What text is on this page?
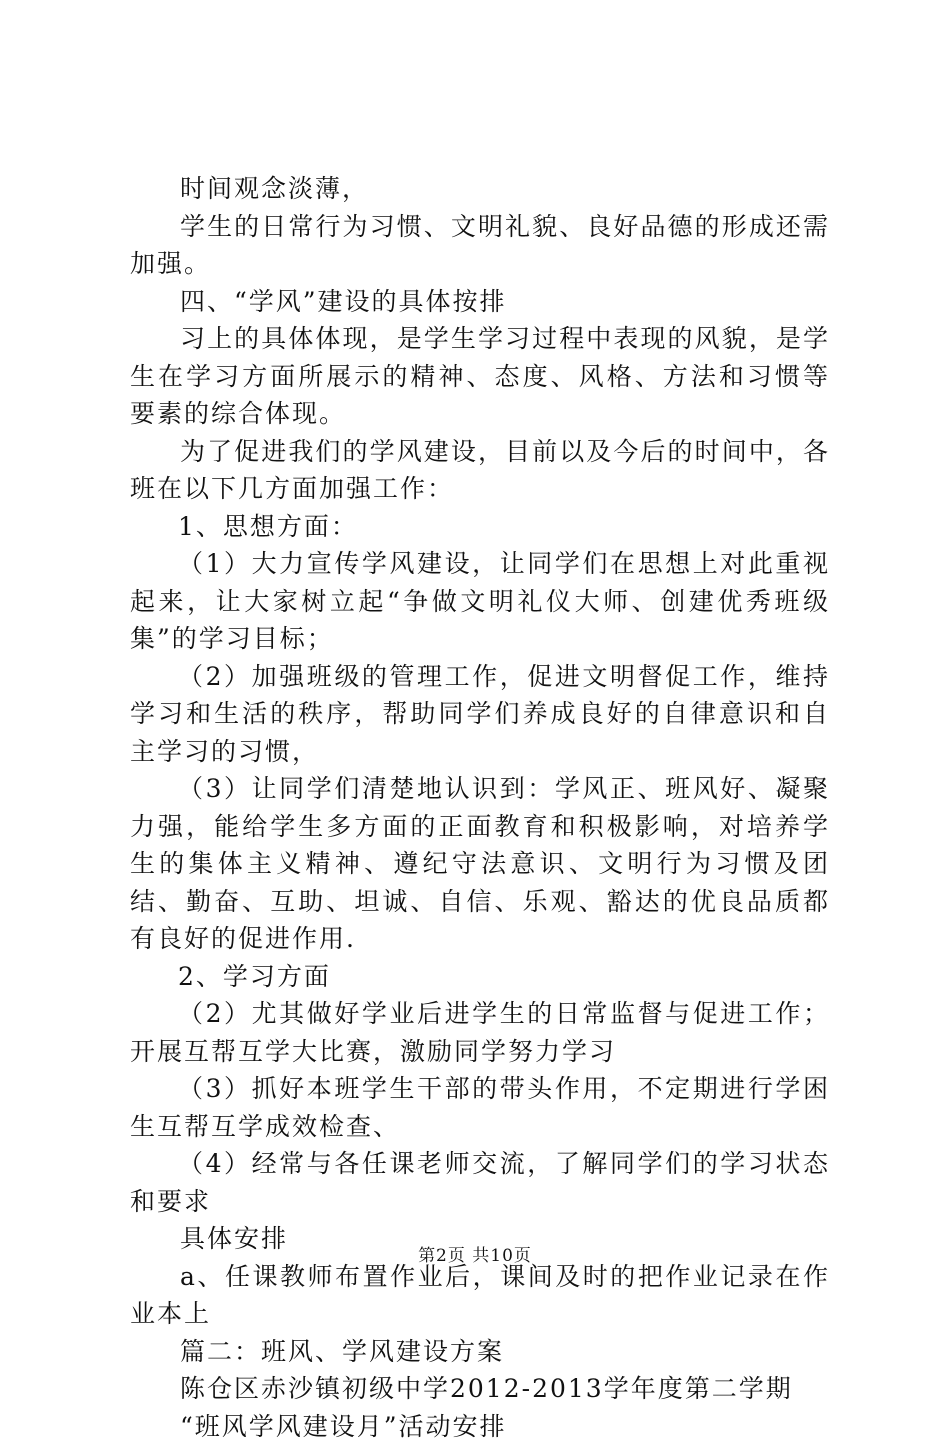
时间观念淡薄，

学生的日常行为习惯、文明礼貌、良好品德的形成还需加强。

四、“学风”建设的具体按排

习上的具体体现，是学生学习过程中表现的风貌，是学生在学习方面所展示的精神、态度、风格、方法和习惯等要素的综合体现。

为了促进我们的学风建设，目前以及今后的时间中，各班在以下几方面加强工作：

1、思想方面：

（1）大力宣传学风建设，让同学们在思想上对此重视起来，让大家树立起“争做文明礼仪大师、创建优秀班级集”的学习目标；

（2）加强班级的管理工作，促进文明督促工作，维持学习和生活的秩序，帮助同学们养成良好的自律意识和自主学习的习惯，

（3）让同学们清楚地认识到：学风正、班风好、凝聚力强，能给学生多方面的正面教育和积极影响，对培养学生的集体主义精神、遵纪守法意识、文明行为习惯及团结、勤奋、互助、坦诚、自信、乐观、豁达的优良品质都有良好的促进作用.

2、学习方面

（2）尤其做好学业后进学生的日常监督与促进工作；开展互帮互学大比赛，激励同学努力学习

（3）抓好本班学生干部的带头作用，不定期进行学困生互帮互学成效检查、

（4）经常与各任课老师交流，了解同学们的学习状态和要求

具体安排

a、任课教师布置作业后，课间及时的把作业记录在作业本上

篇二：班风、学风建设方案

陈仓区赤沙镇初级中学2012-2013学年度第二学期

“班风学风建设月”活动安排

第2页 共10页
